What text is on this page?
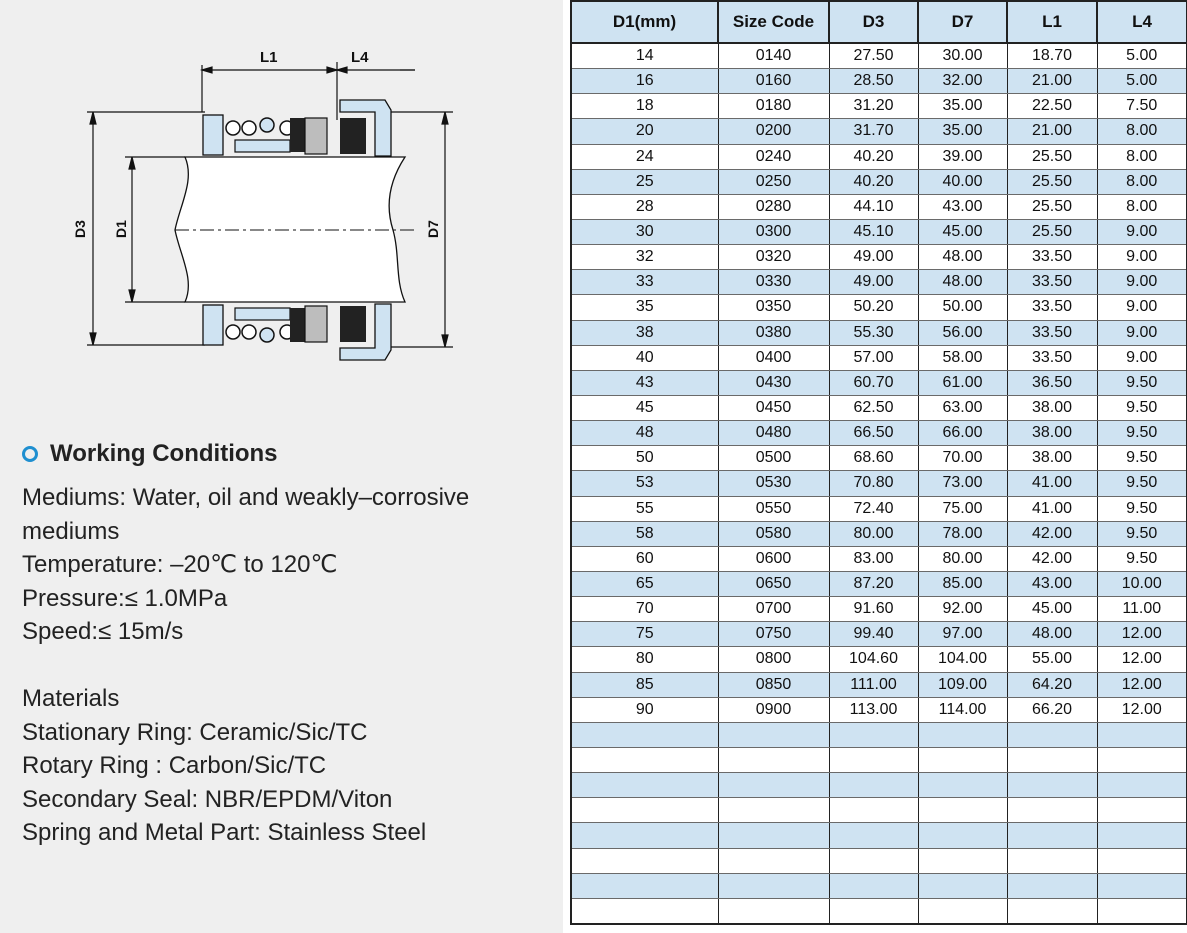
L1	L4
D3 D1	D7
Working Conditions
Mediums: Water, oil and weakly–corrosive mediums
Temperature: –20℃ to 120℃
Pressure:≤ 1.0MPa
Speed:≤ 15m/s
Materials
Stationary Ring: Ceramic/Sic/TC
Rotary Ring : Carbon/Sic/TC
Secondary Seal: NBR/EPDM/Viton
Spring and Metal Part: Stainless Steel
D1(mm)	Size Code	D3	D7	L1	L4
14	0140	27.50	30.00	18.70	5.00
16	0160	28.50	32.00	21.00	5.00
18	0180	31.20	35.00	22.50	7.50
20	0200	31.70	35.00	21.00	8.00
24	0240	40.20	39.00	25.50	8.00
25	0250	40.20	40.00	25.50	8.00
28	0280	44.10	43.00	25.50	8.00
30	0300	45.10	45.00	25.50	9.00
32	0320	49.00	48.00	33.50	9.00
33	0330	49.00	48.00	33.50	9.00
35	0350	50.20	50.00	33.50	9.00
38	0380	55.30	56.00	33.50	9.00
40	0400	57.00	58.00	33.50	9.00
43	0430	60.70	61.00	36.50	9.50
45	0450	62.50	63.00	38.00	9.50
48	0480	66.50	66.00	38.00	9.50
50	0500	68.60	70.00	38.00	9.50
53	0530	70.80	73.00	41.00	9.50
55	0550	72.40	75.00	41.00	9.50
58	0580	80.00	78.00	42.00	9.50
60	0600	83.00	80.00	42.00	9.50
65	0650	87.20	85.00	43.00	10.00
70	0700	91.60	92.00	45.00	11.00
75	0750	99.40	97.00	48.00	12.00
80	0800	104.60	104.00	55.00	12.00
85	0850	111.00	109.00	64.20	12.00
90	0900	113.00	114.00	66.20	12.00
